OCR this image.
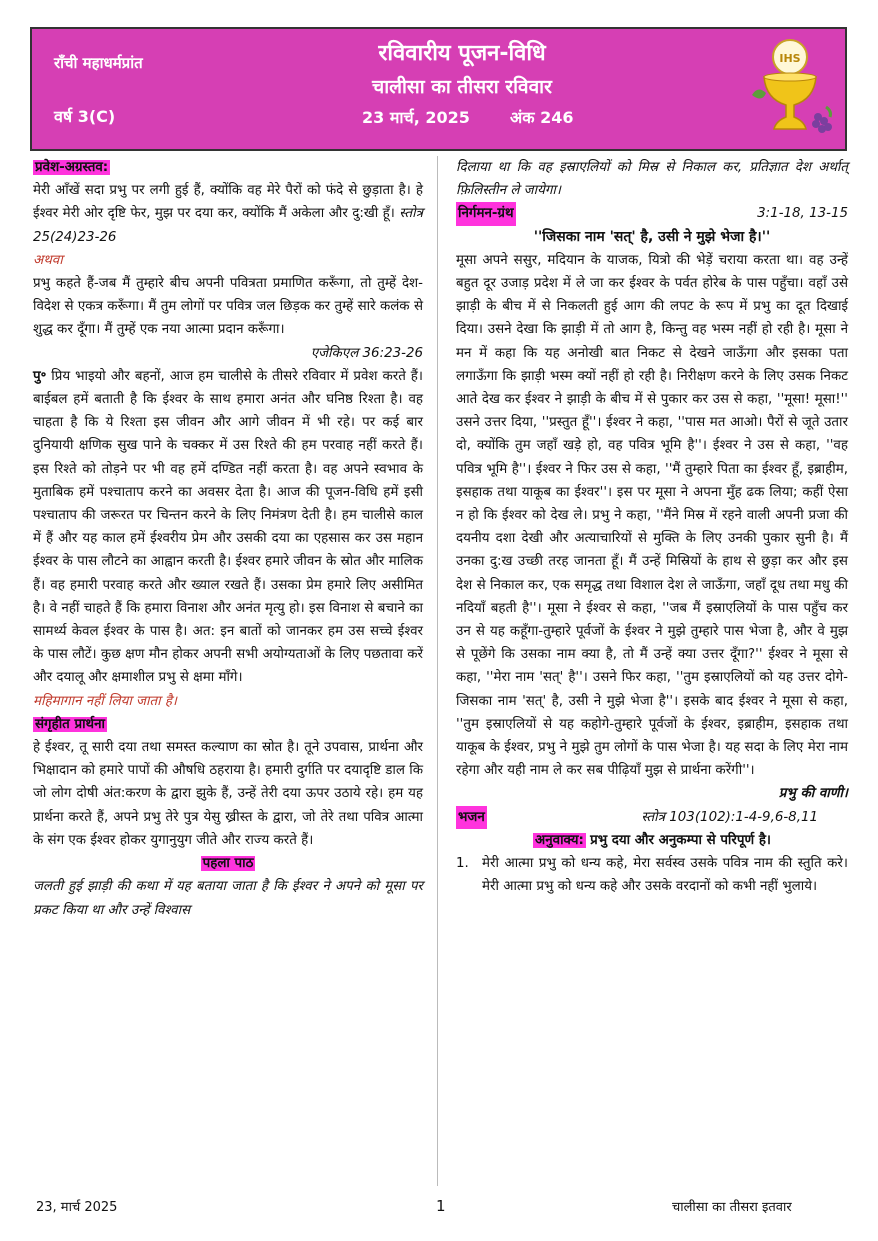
राँची महाधर्मप्रांत
वर्ष 3(C)
रविवारीय पूजन-विधि
चालीसा का तीसरा रविवार
23 मार्च, 2025	अंक 246
IHS

प्रवेश-अग्रस्तव:

मेरी आँखें सदा प्रभु पर लगी हुई हैं, क्योंकि वह मेरे पैरों को फंदे से छुड़ाता है। हे ईश्वर मेरी ओर दृष्टि फेर, मुझ पर दया कर, क्योंकि मैं अकेला और दु:खी हूँ। स्तोत्र 25(24)23-26

अथवा

प्रभु कहते हैं-जब मैं तुम्हारे बीच अपनी पवित्रता प्रमाणित करूँगा, तो तुम्हें देश-विदेश से एकत्र करूँगा। मैं तुम लोगों पर पवित्र जल छिड़क कर तुम्हें सारे कलंक से शुद्ध कर दूँगा। मैं तुम्हें एक नया आत्मा प्रदान करूँगा।

एजेकिएल 36:23-26

पु॰ प्रिय भाइयो और बहनों, आज हम चालीसे के तीसरे रविवार में प्रवेश करते हैं। बाईबल हमें बताती है कि ईश्वर के साथ हमारा अनंत और घनिष्ठ रिश्ता है। वह चाहता है कि ये रिश्ता इस जीवन और आगे जीवन में भी रहे। पर कई बार दुनियायी क्षणिक सुख पाने के चक्कर में उस रिश्ते की हम परवाह नहीं करते हैं। इस रिश्ते को तोड़ने पर भी वह हमें दण्डित नहीं करता है। वह अपने स्वभाव के मुताबिक हमें पश्चाताप करने का अवसर देता है। आज की पूजन-विधि हमें इसी पश्चाताप की जरूरत पर चिन्तन करने के लिए निमंत्रण देती है। हम चालीसे काल में हैं और यह काल हमें ईश्वरीय प्रेम और उसकी दया का एहसास कर उस महान ईश्वर के पास लौटने का आह्वान करती है। ईश्वर हमारे जीवन के स्रोत और मालिक हैं। वह हमारी परवाह करते और ख्याल रखते हैं। उसका प्रेम हमारे लिए असीमित है। वे नहीं चाहते हैं कि हमारा विनाश और अनंत मृत्यु हो। इस विनाश से बचाने का सामर्थ्य केवल ईश्वर के पास है। अत: इन बातों को जानकर हम उस सच्चे ईश्वर के पास लौटें। कुछ क्षण मौन होकर अपनी सभी अयोग्यताओं के लिए पछतावा करें और दयालू और क्षमाशील प्रभु से क्षमा माँगे।

महिमागान नहीं लिया जाता है।

संगृहीत प्रार्थना

हे ईश्वर, तू सारी दया तथा समस्त कल्याण का स्रोत है। तूने उपवास, प्रार्थना और भिक्षादान को हमारे पापों की औषधि ठहराया है। हमारी दुर्गति पर दयादृष्टि डाल कि जो लोग दोषी अंत:करण के द्वारा झुके हैं, उन्हें तेरी दया ऊपर उठाये रहे। हम यह प्रार्थना करते हैं, अपने प्रभु तेरे पुत्र येसु ख्रीस्त के द्वारा, जो तेरे तथा पवित्र आत्मा के संग एक ईश्वर होकर युगानुयुग जीते और राज्य करते हैं।

पहला पाठ

जलती हुई झाड़ी की कथा में यह बताया जाता है कि ईश्वर ने अपने को मूसा पर प्रकट किया था और उन्हें विश्वास

दिलाया था कि वह इस्राएलियों को मिस्र से निकाल कर, प्रतिज्ञात देश अर्थात् फ़िलिस्तीन ले जायेगा।

निर्गमन-ग्रंथ	3:1-18, 13-15

''जिसका नाम 'सत्' है, उसी ने मुझे भेजा है।''

मूसा अपने ससुर, मदियान के याजक, यित्रो की भेड़ें चराया करता था। वह उन्हें बहुत दूर उजाड़ प्रदेश में ले जा कर ईश्वर के पर्वत होरेब के पास पहुँचा। वहाँ उसे झाड़ी के बीच में से निकलती हुई आग की लपट के रूप में प्रभु का दूत दिखाई दिया। उसने देखा कि झाड़ी में तो आग है, किन्तु वह भस्म नहीं हो रही है। मूसा ने मन में कहा कि यह अनोखी बात निकट से देखने जाऊँगा और इसका पता लगाऊँगा कि झाड़ी भस्म क्यों नहीं हो रही है। निरीक्षण करने के लिए उसक निकट आते देख कर ईश्वर ने झाड़ी के बीच में से पुकार कर उस से कहा, ''मूसा! मूसा!'' उसने उत्तर दिया, ''प्रस्तुत हूँ''। ईश्वर ने कहा, ''पास मत आओ। पैरों से जूते उतार दो, क्योंकि तुम जहाँ खड़े हो, वह पवित्र भूमि है''। ईश्वर ने उस से कहा, ''वह पवित्र भूमि है''। ईश्वर ने फिर उस से कहा, ''मैं तुम्हारे पिता का ईश्वर हूँ, इब्राहीम, इसहाक तथा याकूब का ईश्वर''। इस पर मूसा ने अपना मुँह ढक लिया; कहीं ऐसा न हो कि ईश्वर को देख ले। प्रभु ने कहा, ''मैंने मिस्र में रहने वाली अपनी प्रजा की दयनीय दशा देखी और अत्याचारियों से मुक्ति के लिए उनकी पुकार सुनी है। मैं उनका दु:ख उच्छी तरह जानता हूँ। मैं उन्हें मिस्रियों के हाथ से छुड़ा कर और इस देश से निकाल कर, एक समृद्ध तथा विशाल देश ले जाऊँगा, जहाँ दूध तथा मधु की नदियाँ बहती है''। मूसा ने ईश्वर से कहा, ''जब मैं इस्राएलियों के पास पहुँच कर उन से यह कहूँगा-तुम्हारे पूर्वजों के ईश्वर ने मुझे तुम्हारे पास भेजा है, और वे मुझ से पूछेंगे कि उसका नाम क्या है, तो मैं उन्हें क्या उत्तर दूँगा?'' ईश्वर ने मूसा से कहा, ''मेरा नाम 'सत्' है''। उसने फिर कहा, ''तुम इस्राएलियों को यह उत्तर दोगे-जिसका नाम 'सत्' है, उसी ने मुझे भेजा है''। इसके बाद ईश्वर ने मूसा से कहा, ''तुम इस्राएलियों से यह कहोगे-तुम्हारे पूर्वजों के ईश्वर, इब्राहीम, इसहाक तथा याकूब के ईश्वर, प्रभु ने मुझे तुम लोगों के पास भेजा है। यह सदा के लिए मेरा नाम रहेगा और यही नाम ले कर सब पीढ़ियाँ मुझ से प्रार्थना करेंगी''।

प्रभु की वाणी।

भजन	स्तोत्र 103(102):1-4-9,6-8,11

अनुवाक्य: प्रभु दया और अनुकम्पा से परिपूर्ण है।

1. मेरी आत्मा प्रभु को धन्य कहे, मेरा सर्वस्व उसके पवित्र नाम की स्तुति करे। मेरी आत्मा प्रभु को धन्य कहे और उसके वरदानों को कभी नहीं भुलाये।
23, मार्च 2025	1	चालीसा का तीसरा इतवार
